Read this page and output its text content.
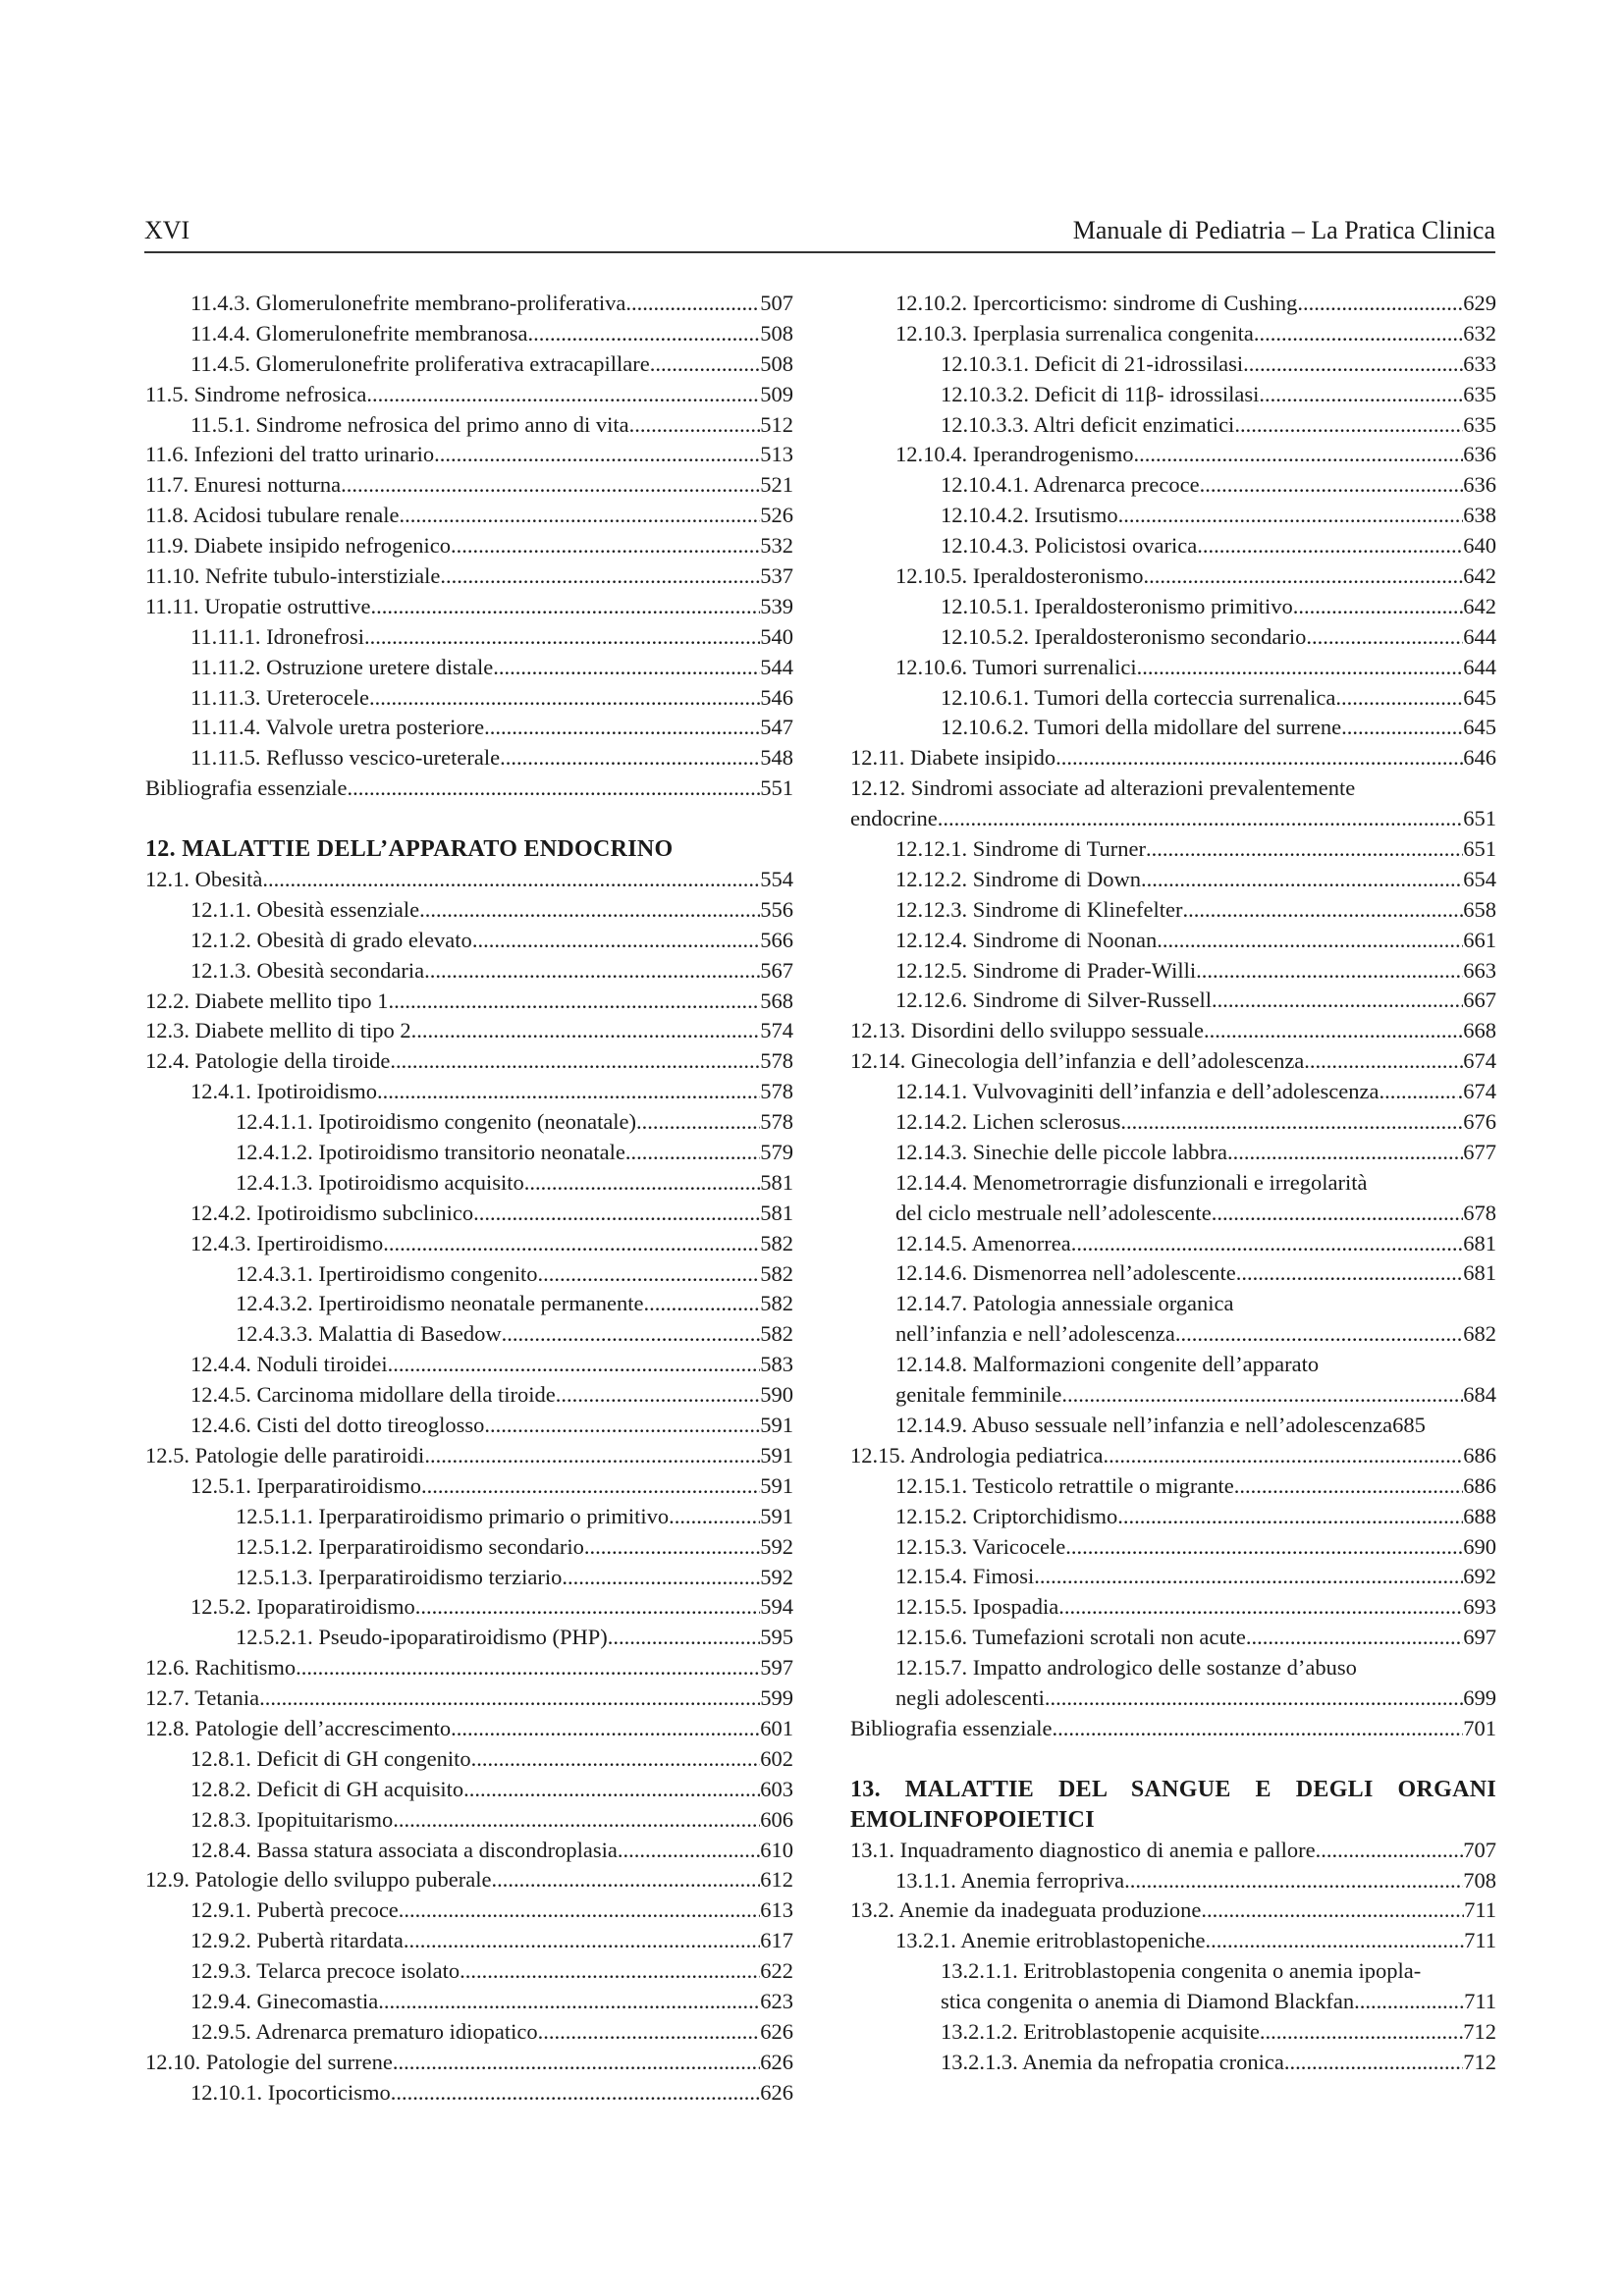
XVI	Manuale di Pediatria – La Pratica Clinica
11.4.3. Glomerulonefrite membrano-proliferativa .....	507
11.4.4. Glomerulonefrite membranosa .....	508
11.4.5. Glomerulonefrite proliferativa extracapillare .....	508
11.5. Sindrome nefrosica .....	509
11.5.1. Sindrome nefrosica del primo anno di vita .....	512
11.6. Infezioni del tratto urinario .....	513
11.7. Enuresi notturna .....	521
11.8. Acidosi tubulare renale .....	526
11.9. Diabete insipido nefrogenico .....	532
11.10. Nefrite tubulo-interstiziale .....	537
11.11. Uropatie ostruttive .....	539
11.11.1. Idronefrosi .....	540
11.11.2. Ostruzione uretere distale .....	544
11.11.3. Ureterocele .....	546
11.11.4. Valvole uretra posteriore .....	547
11.11.5. Reflusso vescico-ureterale .....	548
Bibliografia essenziale .....	551
12. MALATTIE DELL’APPARATO ENDOCRINO
12.1. Obesità .....	554
12.1.1. Obesità essenziale .....	556
12.1.2. Obesità di grado elevato .....	566
12.1.3. Obesità secondaria .....	567
12.2. Diabete mellito tipo 1 .....	568
12.3. Diabete mellito di tipo 2 .....	574
12.4. Patologie della tiroide .....	578
12.4.1. Ipotiroidismo .....	578
12.4.1.1. Ipotiroidismo congenito (neonatale) .....	578
12.4.1.2. Ipotiroidismo transitorio neonatale .....	579
12.4.1.3. Ipotiroidismo acquisito .....	581
12.4.2. Ipotiroidismo subclinico .....	581
12.4.3. Ipertiroidismo .....	582
12.4.3.1. Ipertiroidismo congenito .....	582
12.4.3.2. Ipertiroidismo neonatale permanente .....	582
12.4.3.3. Malattia di Basedow .....	582
12.4.4. Noduli tiroidei .....	583
12.4.5. Carcinoma midollare della tiroide .....	590
12.4.6. Cisti del dotto tireoglosso .....	591
12.5. Patologie delle paratiroidi .....	591
12.5.1. Iperparatiroidismo .....	591
12.5.1.1. Iperparatiroidismo primario o primitivo .....	591
12.5.1.2. Iperparatiroidismo secondario .....	592
12.5.1.3. Iperparatiroidismo terziario .....	592
12.5.2. Ipoparatiroidismo .....	594
12.5.2.1. Pseudo-ipoparatiroidismo (PHP) .....	595
12.6. Rachitismo .....	597
12.7. Tetania .....	599
12.8. Patologie dell’accrescimento .....	601
12.8.1. Deficit di GH congenito .....	602
12.8.2. Deficit di GH acquisito .....	603
12.8.3. Ipopituitarismo .....	606
12.8.4. Bassa statura associata a discondroplasia .....	610
12.9. Patologie dello sviluppo puberale .....	612
12.9.1. Pubertà precoce .....	613
12.9.2. Pubertà ritardata .....	617
12.9.3. Telarca precoce isolato .....	622
12.9.4. Ginecomastia .....	623
12.9.5. Adrenarca prematuro idiopatico .....	626
12.10. Patologie del surrene .....	626
12.10.1. Ipocorticismo .....	626
12.10.2. Ipercorticismo: sindrome di Cushing .....	629
12.10.3. Iperplasia surrenalica congenita .....	632
12.10.3.1. Deficit di 21-idrossilasi .....	633
12.10.3.2. Deficit di 11β- idrossilasi .....	635
12.10.3.3. Altri deficit enzimatici .....	635
12.10.4. Iperandrogenismo .....	636
12.10.4.1. Adrenarca precoce .....	636
12.10.4.2. Irsutismo .....	638
12.10.4.3. Policistosi ovarica .....	640
12.10.5. Iperaldosteronismo .....	642
12.10.5.1. Iperaldosteronismo primitivo .....	642
12.10.5.2. Iperaldosteronismo secondario .....	644
12.10.6. Tumori surrenalici .....	644
12.10.6.1. Tumori della corteccia surrenalica .....	645
12.10.6.2. Tumori della midollare del surrene .....	645
12.11. Diabete insipido .....	646
12.12. Sindromi associate ad alterazioni prevalentemente
endocrine .....	651
12.12.1. Sindrome di Turner .....	651
12.12.2. Sindrome di Down .....	654
12.12.3. Sindrome di Klinefelter .....	658
12.12.4. Sindrome di Noonan .....	661
12.12.5. Sindrome di Prader-Willi .....	663
12.12.6. Sindrome di Silver-Russell .....	667
12.13. Disordini dello sviluppo sessuale .....	668
12.14. Ginecologia dell’infanzia e dell’adolescenza .....	674
12.14.1. Vulvovaginiti dell’infanzia e dell’adolescenza .....	.674
12.14.2. Lichen sclerosus .....	676
12.14.3. Sinechie delle piccole labbra .....	677
12.14.4. Menometrorragie disfunzionali e irregolarità
del ciclo mestruale nell’adolescente .....	678
12.14.5. Amenorrea .....	681
12.14.6. Dismenorrea nell’adolescente .....	681
12.14.7. Patologia annessiale organica
nell’infanzia e nell’adolescenza .....	682
12.14.8. Malformazioni congenite dell’apparato
genitale femminile .....	684
12.14.9. Abuso sessuale nell’infanzia e nell’adolescenza 685
12.15. Andrologia pediatrica .....	686
12.15.1. Testicolo retrattile o migrante .....	686
12.15.2. Criptorchidismo .....	688
12.15.3. Varicocele .....	690
12.15.4. Fimosi .....	692
12.15.5. Ipospadia .....	693
12.15.6. Tumefazioni scrotali non acute .....	697
12.15.7. Impatto andrologico delle sostanze d’abuso
negli adolescenti .....	699
Bibliografia essenziale .....	701
13. MALATTIE DEL SANGUE E DEGLI ORGANI
EMOLINFOPOIETICI
13.1. Inquadramento diagnostico di anemia e pallore .....	707
13.1.1. Anemia ferropriva .....	708
13.2. Anemie da inadeguata produzione .....	711
13.2.1. Anemie eritroblastopeniche .....	711
13.2.1.1. Eritroblastopenia congenita o anemia ipopla-
stica congenita o anemia di Diamond Blackfan .....	711
13.2.1.2. Eritroblastopenie acquisite .....	712
13.2.1.3. Anemia da nefropatia cronica .....	712
